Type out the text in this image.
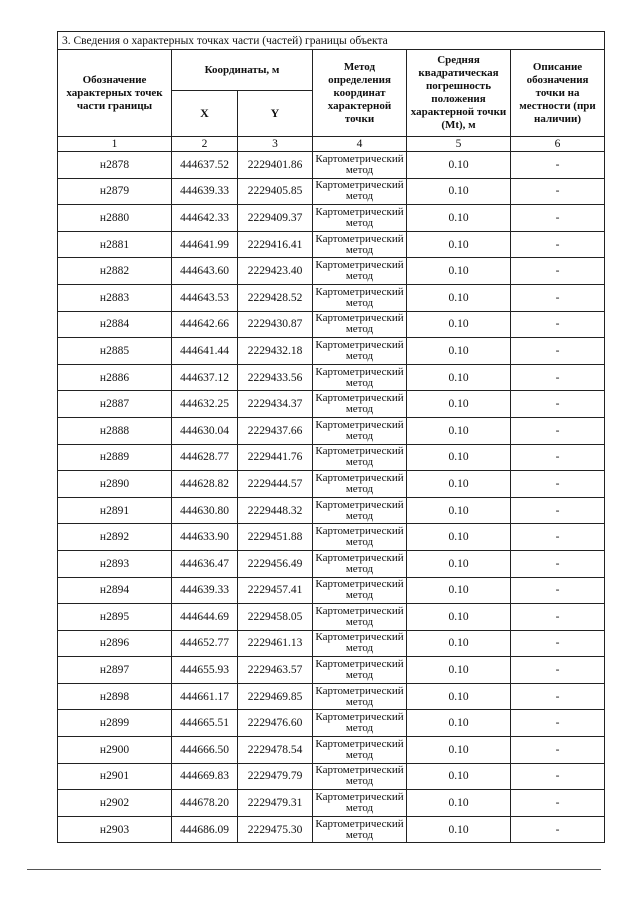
3. Сведения о характерных точках части (частей) границы объекта					
Обозначение характерных точек части границы	Координаты, м		Метод определения координат характерной точки	Средняя квадратическая погрешность положения характерной точки (Mt), м	Описание обозначения точки на местности (при наличии)
	X	Y			
1	2	3	4	5	6
н2878	444637.52	2229401.86	Картометрический метод	0.10	-
н2879	444639.33	2229405.85	Картометрический метод	0.10	-
н2880	444642.33	2229409.37	Картометрический метод	0.10	-
н2881	444641.99	2229416.41	Картометрический метод	0.10	-
н2882	444643.60	2229423.40	Картометрический метод	0.10	-
н2883	444643.53	2229428.52	Картометрический метод	0.10	-
н2884	444642.66	2229430.87	Картометрический метод	0.10	-
н2885	444641.44	2229432.18	Картометрический метод	0.10	-
н2886	444637.12	2229433.56	Картометрический метод	0.10	-
н2887	444632.25	2229434.37	Картометрический метод	0.10	-
н2888	444630.04	2229437.66	Картометрический метод	0.10	-
н2889	444628.77	2229441.76	Картометрический метод	0.10	-
н2890	444628.82	2229444.57	Картометрический метод	0.10	-
н2891	444630.80	2229448.32	Картометрический метод	0.10	-
н2892	444633.90	2229451.88	Картометрический метод	0.10	-
н2893	444636.47	2229456.49	Картометрический метод	0.10	-
н2894	444639.33	2229457.41	Картометрический метод	0.10	-
н2895	444644.69	2229458.05	Картометрический метод	0.10	-
н2896	444652.77	2229461.13	Картометрический метод	0.10	-
н2897	444655.93	2229463.57	Картометрический метод	0.10	-
н2898	444661.17	2229469.85	Картометрический метод	0.10	-
н2899	444665.51	2229476.60	Картометрический метод	0.10	-
н2900	444666.50	2229478.54	Картометрический метод	0.10	-
н2901	444669.83	2229479.79	Картометрический метод	0.10	-
н2902	444678.20	2229479.31	Картометрический метод	0.10	-
н2903	444686.09	2229475.30	Картометрический метод	0.10	-
